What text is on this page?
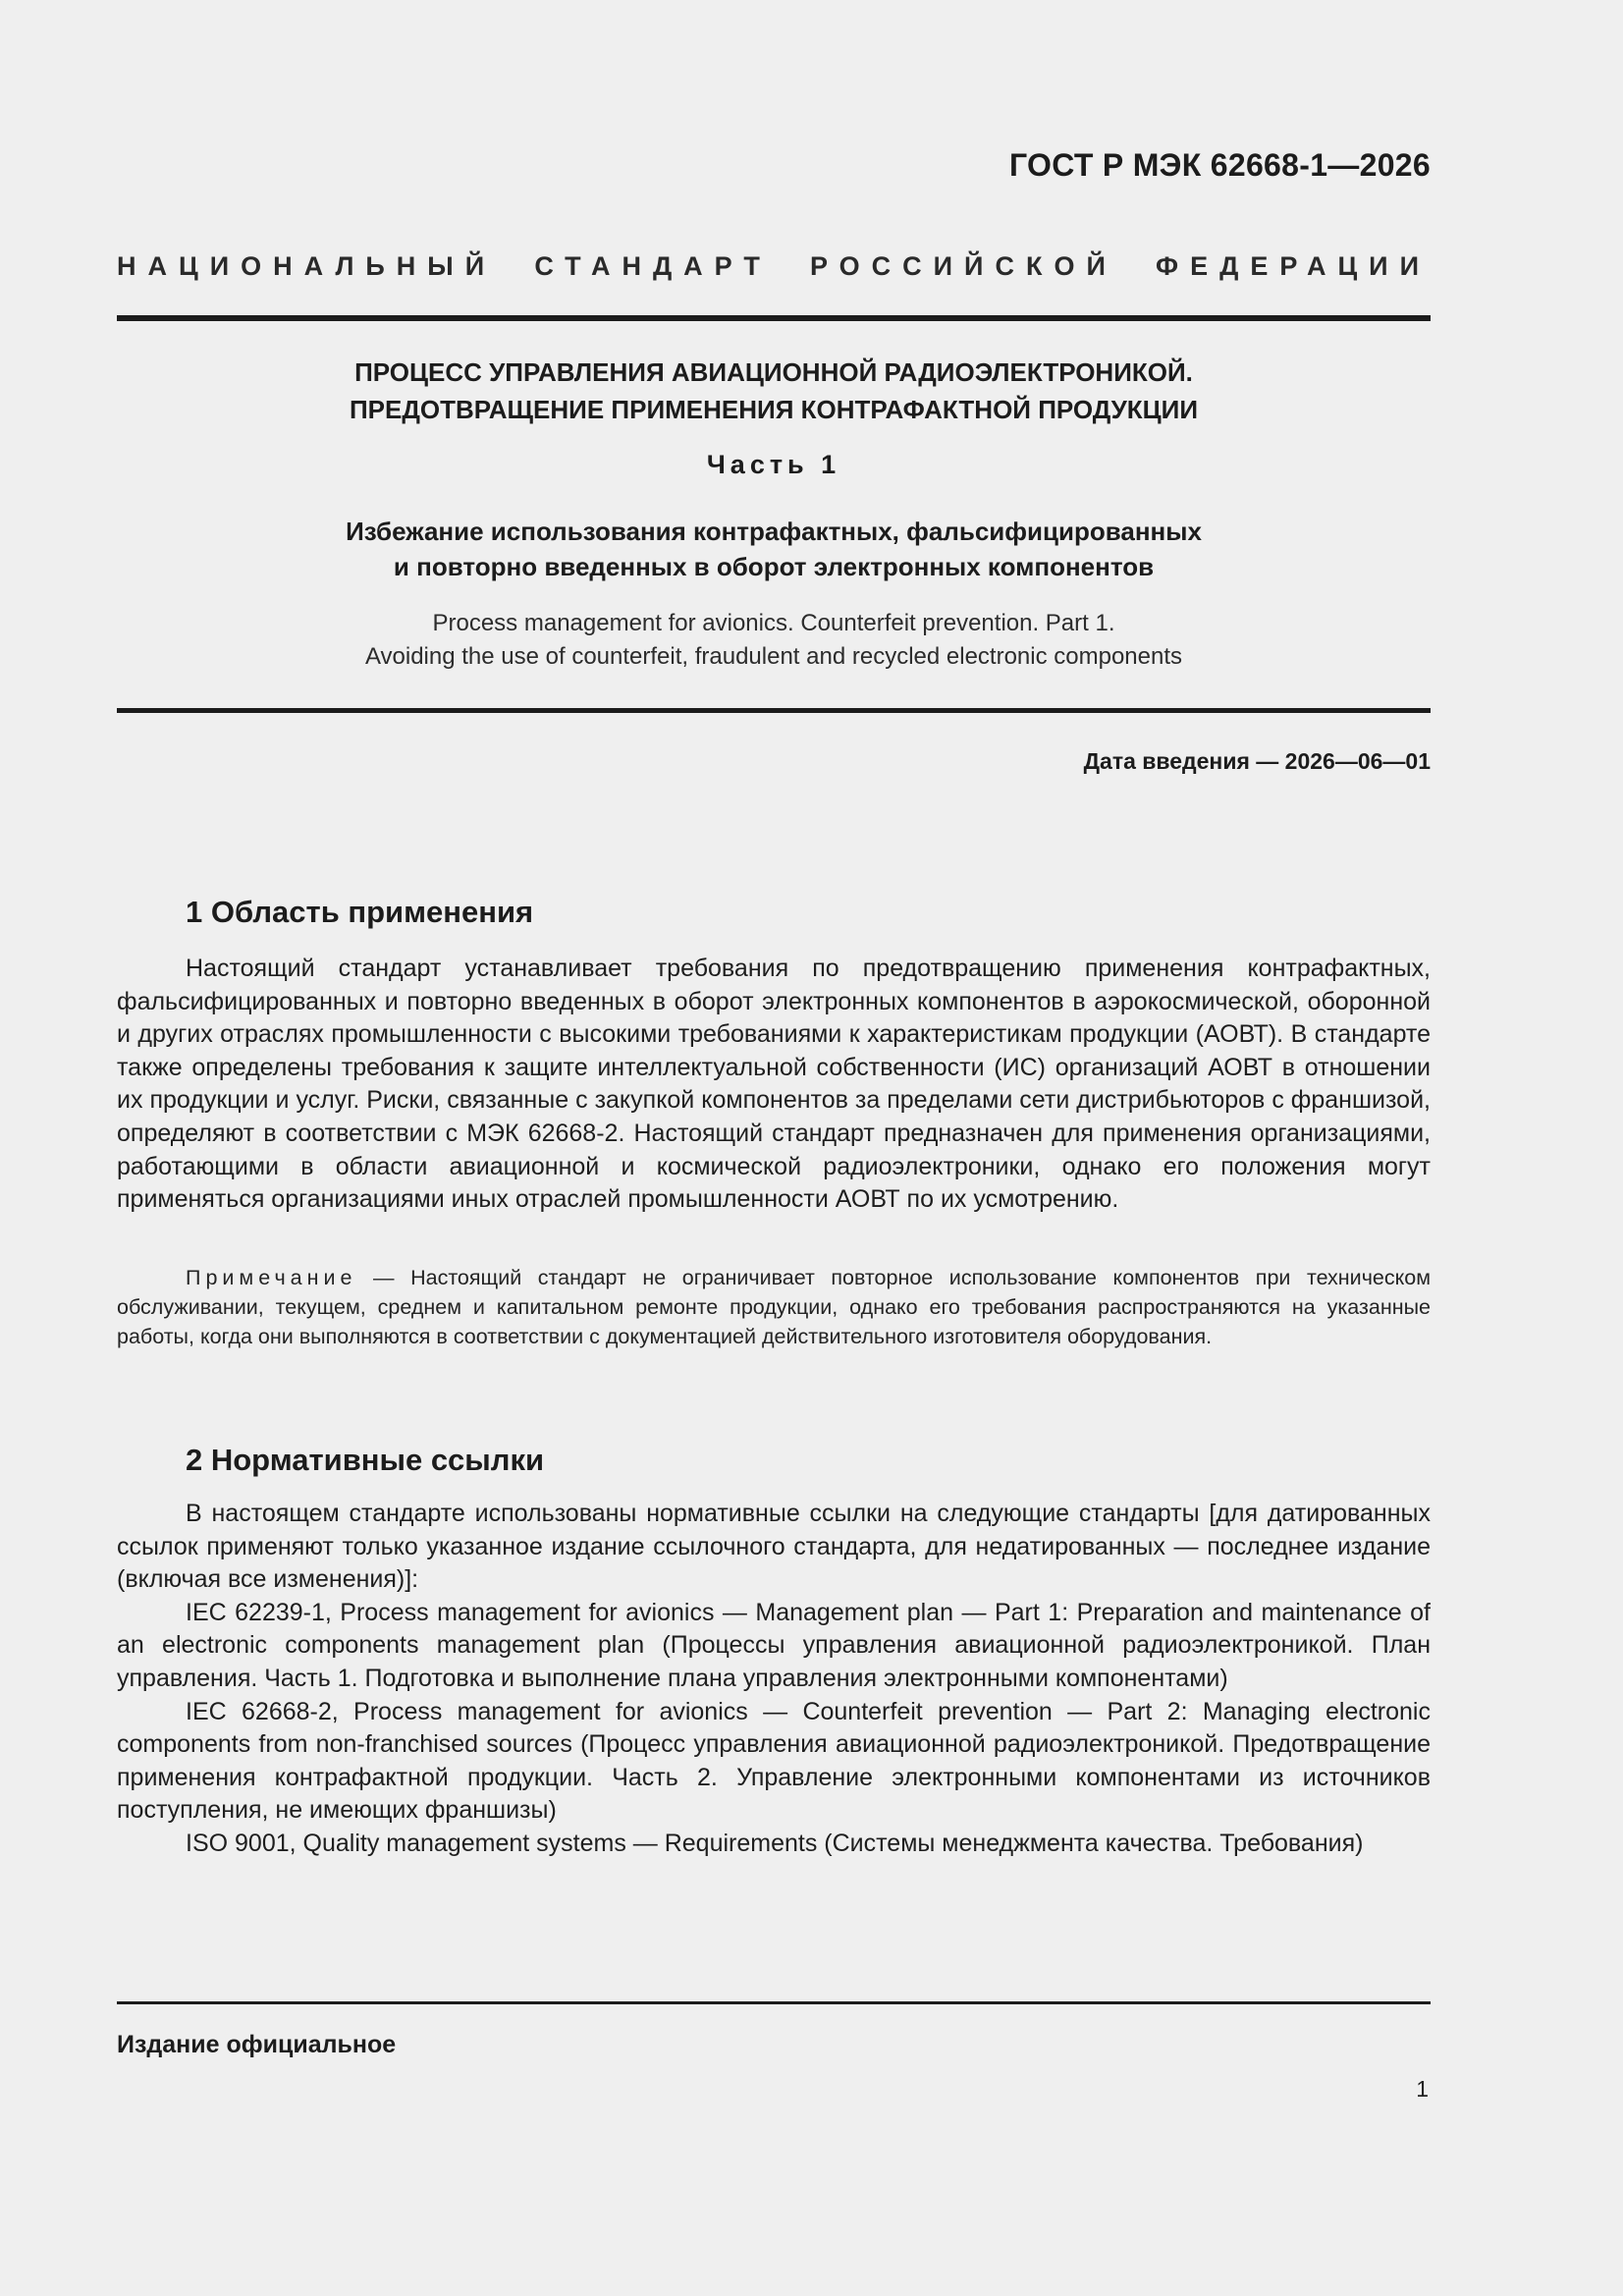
ГОСТ Р МЭК 62668-1—2026
НАЦИОНАЛЬНЫЙ СТАНДАРТ РОССИЙСКОЙ ФЕДЕРАЦИИ
ПРОЦЕСС УПРАВЛЕНИЯ АВИАЦИОННОЙ РАДИОЭЛЕКТРОНИКОЙ.
ПРЕДОТВРАЩЕНИЕ ПРИМЕНЕНИЯ КОНТРАФАКТНОЙ ПРОДУКЦИИ
Часть 1
Избежание использования контрафактных, фальсифицированных
и повторно введенных в оборот электронных компонентов
Process management for avionics. Counterfeit prevention. Part 1.
Avoiding the use of counterfeit, fraudulent and recycled electronic components
Дата введения — 2026—06—01
1 Область применения
Настоящий стандарт устанавливает требования по предотвращению применения контрафактных, фальсифицированных и повторно введенных в оборот электронных компонентов в аэрокосмической, оборонной и других отраслях промышленности с высокими требованиями к характеристикам продукции (АОВТ). В стандарте также определены требования к защите интеллектуальной собственности (ИС) организаций АОВТ в отношении их продукции и услуг. Риски, связанные с закупкой компонентов за пределами сети дистрибьюторов с франшизой, определяют в соответствии с МЭК 62668-2. Настоящий стандарт предназначен для применения организациями, работающими в области авиационной и космической радиоэлектроники, однако его положения могут применяться организациями иных отраслей промышленности АОВТ по их усмотрению.
Примечание — Настоящий стандарт не ограничивает повторное использование компонентов при техническом обслуживании, текущем, среднем и капитальном ремонте продукции, однако его требования распространяются на указанные работы, когда они выполняются в соответствии с документацией действительного изготовителя оборудования.
2 Нормативные ссылки

В настоящем стандарте использованы нормативные ссылки на следующие стандарты [для датированных ссылок применяют только указанное издание ссылочного стандарта, для недатированных — последнее издание (включая все изменения)]:

IEC 62239-1, Process management for avionics — Management plan — Part 1: Preparation and maintenance of an electronic components management plan (Процессы управления авиационной радиоэлектроникой. План управления. Часть 1. Подготовка и выполнение плана управления электронными компонентами)

IEC 62668-2, Process management for avionics — Counterfeit prevention — Part 2: Managing electronic components from non-franchised sources (Процесс управления авиационной радиоэлектроникой. Предотвращение применения контрафактной продукции. Часть 2. Управление электронными компонентами из источников поступления, не имеющих франшизы)

ISO 9001, Quality management systems — Requirements (Системы менеджмента качества. Требования)

Издание официальное
1
